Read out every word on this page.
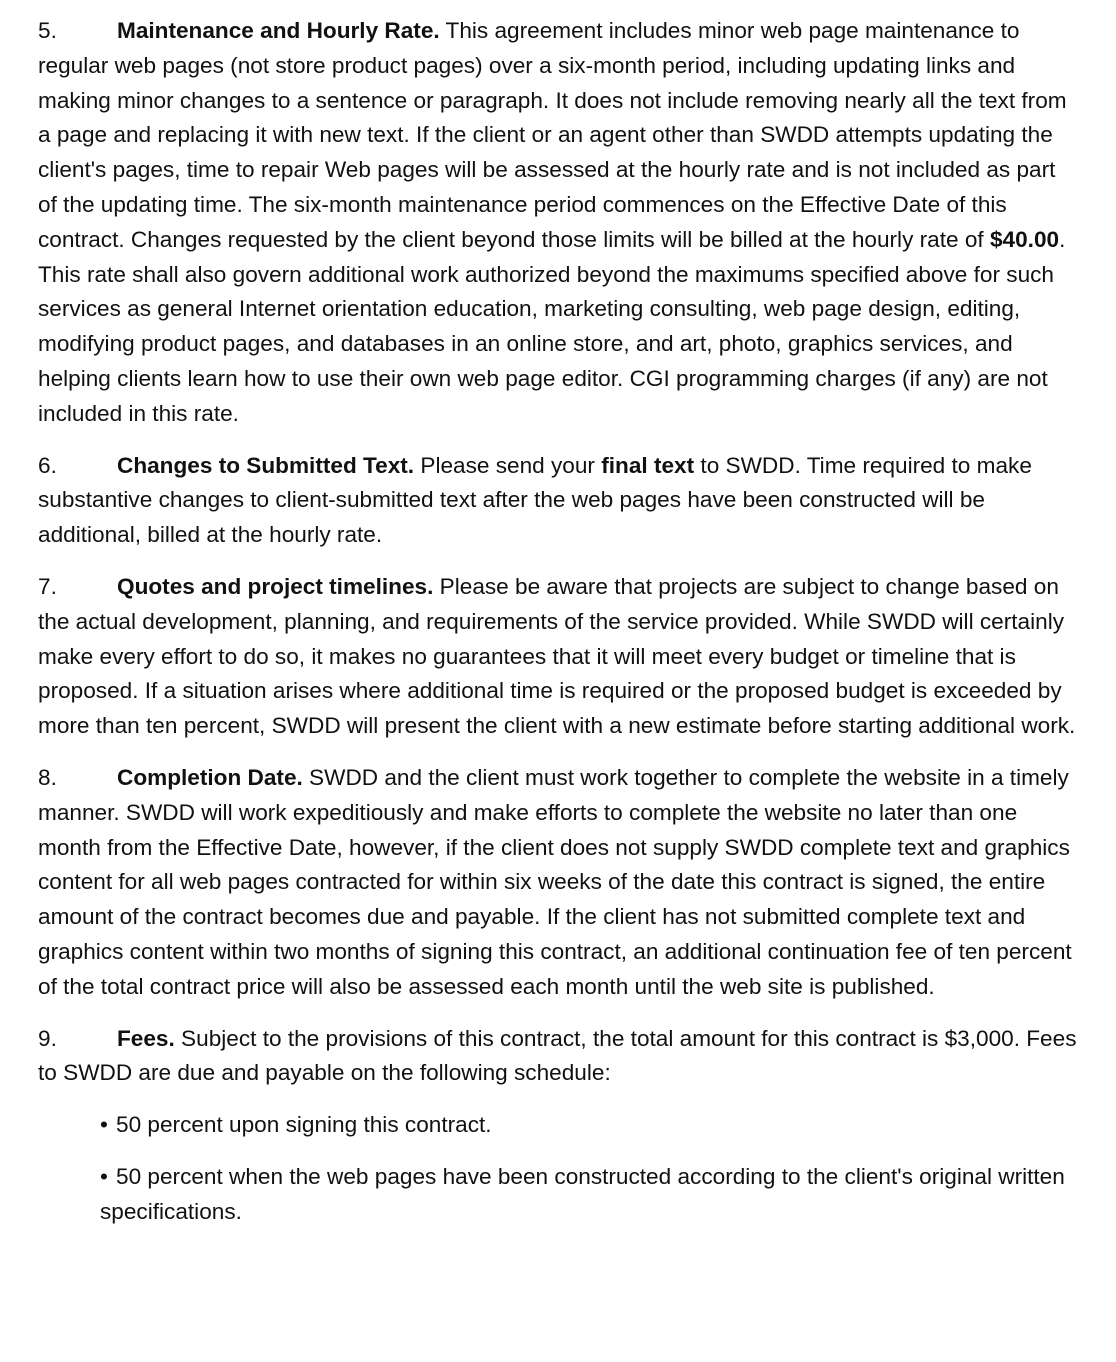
5.	Maintenance and Hourly Rate. This agreement includes minor web page maintenance to regular web pages (not store product pages) over a six-month period, including updating links and making minor changes to a sentence or paragraph. It does not include removing nearly all the text from a page and replacing it with new text. If the client or an agent other than SWDD attempts updating the client's pages, time to repair Web pages will be assessed at the hourly rate and is not included as part of the updating time. The six-month maintenance period commences on the Effective Date of this contract. Changes requested by the client beyond those limits will be billed at the hourly rate of $40.00. This rate shall also govern additional work authorized beyond the maximums specified above for such services as general Internet orientation education, marketing consulting, web page design, editing, modifying product pages, and databases in an online store, and art, photo, graphics services, and helping clients learn how to use their own web page editor. CGI programming charges (if any) are not included in this rate.

6.	Changes to Submitted Text. Please send your final text to SWDD. Time required to make substantive changes to client-submitted text after the web pages have been constructed will be additional, billed at the hourly rate.

7.	Quotes and project timelines. Please be aware that projects are subject to change based on the actual development, planning, and requirements of the service provided. While SWDD will certainly make every effort to do so, it makes no guarantees that it will meet every budget or timeline that is proposed. If a situation arises where additional time is required or the proposed budget is exceeded by more than ten percent, SWDD will present the client with a new estimate before starting additional work.

8.	Completion Date. SWDD and the client must work together to complete the website in a timely manner. SWDD will work expeditiously and make efforts to complete the website no later than one month from the Effective Date, however, if the client does not supply SWDD complete text and graphics content for all web pages contracted for within six weeks of the date this contract is signed, the entire amount of the contract becomes due and payable. If the client has not submitted complete text and graphics content within two months of signing this contract, an additional continuation fee of ten percent of the total contract price will also be assessed each month until the web site is published.

9.	Fees. Subject to the provisions of this contract, the total amount for this contract is $3,000. Fees to SWDD are due and payable on the following schedule:

• 50 percent upon signing this contract.

• 50 percent when the web pages have been constructed according to the client's original written specifications.
